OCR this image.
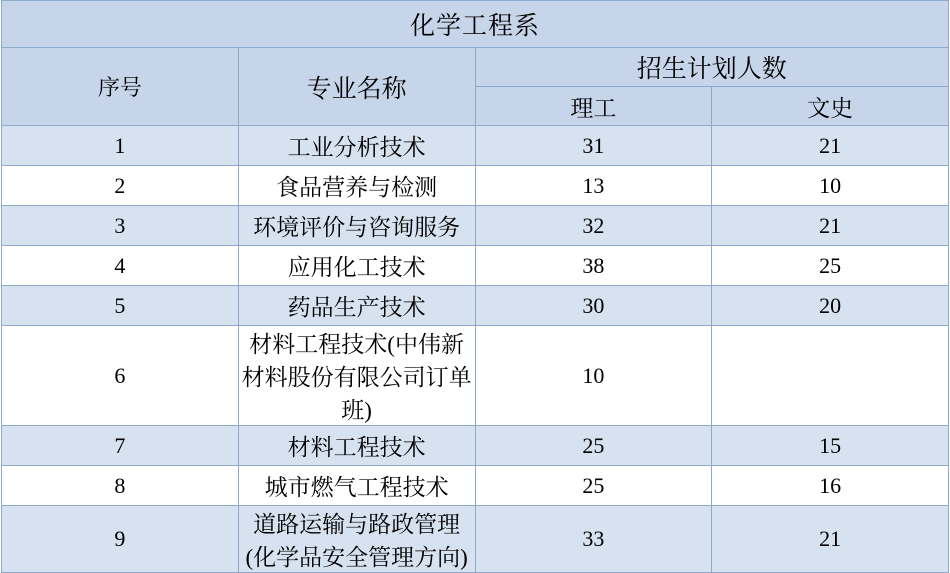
化学工程系			
序号	专业名称	招生计划人数	
		理工	文史
1	工业分析技术	31	21
2	食品营养与检测	13	10
3	环境评价与咨询服务	32	21
4	应用化工技术	38	25
5	药品生产技术	30	20
6	材料工程技术(中伟新材料股份有限公司订单班)	10	
7	材料工程技术	25	15
8	城市燃气工程技术	25	16
9	道路运输与路政管理(化学品安全管理方向)	33	21
